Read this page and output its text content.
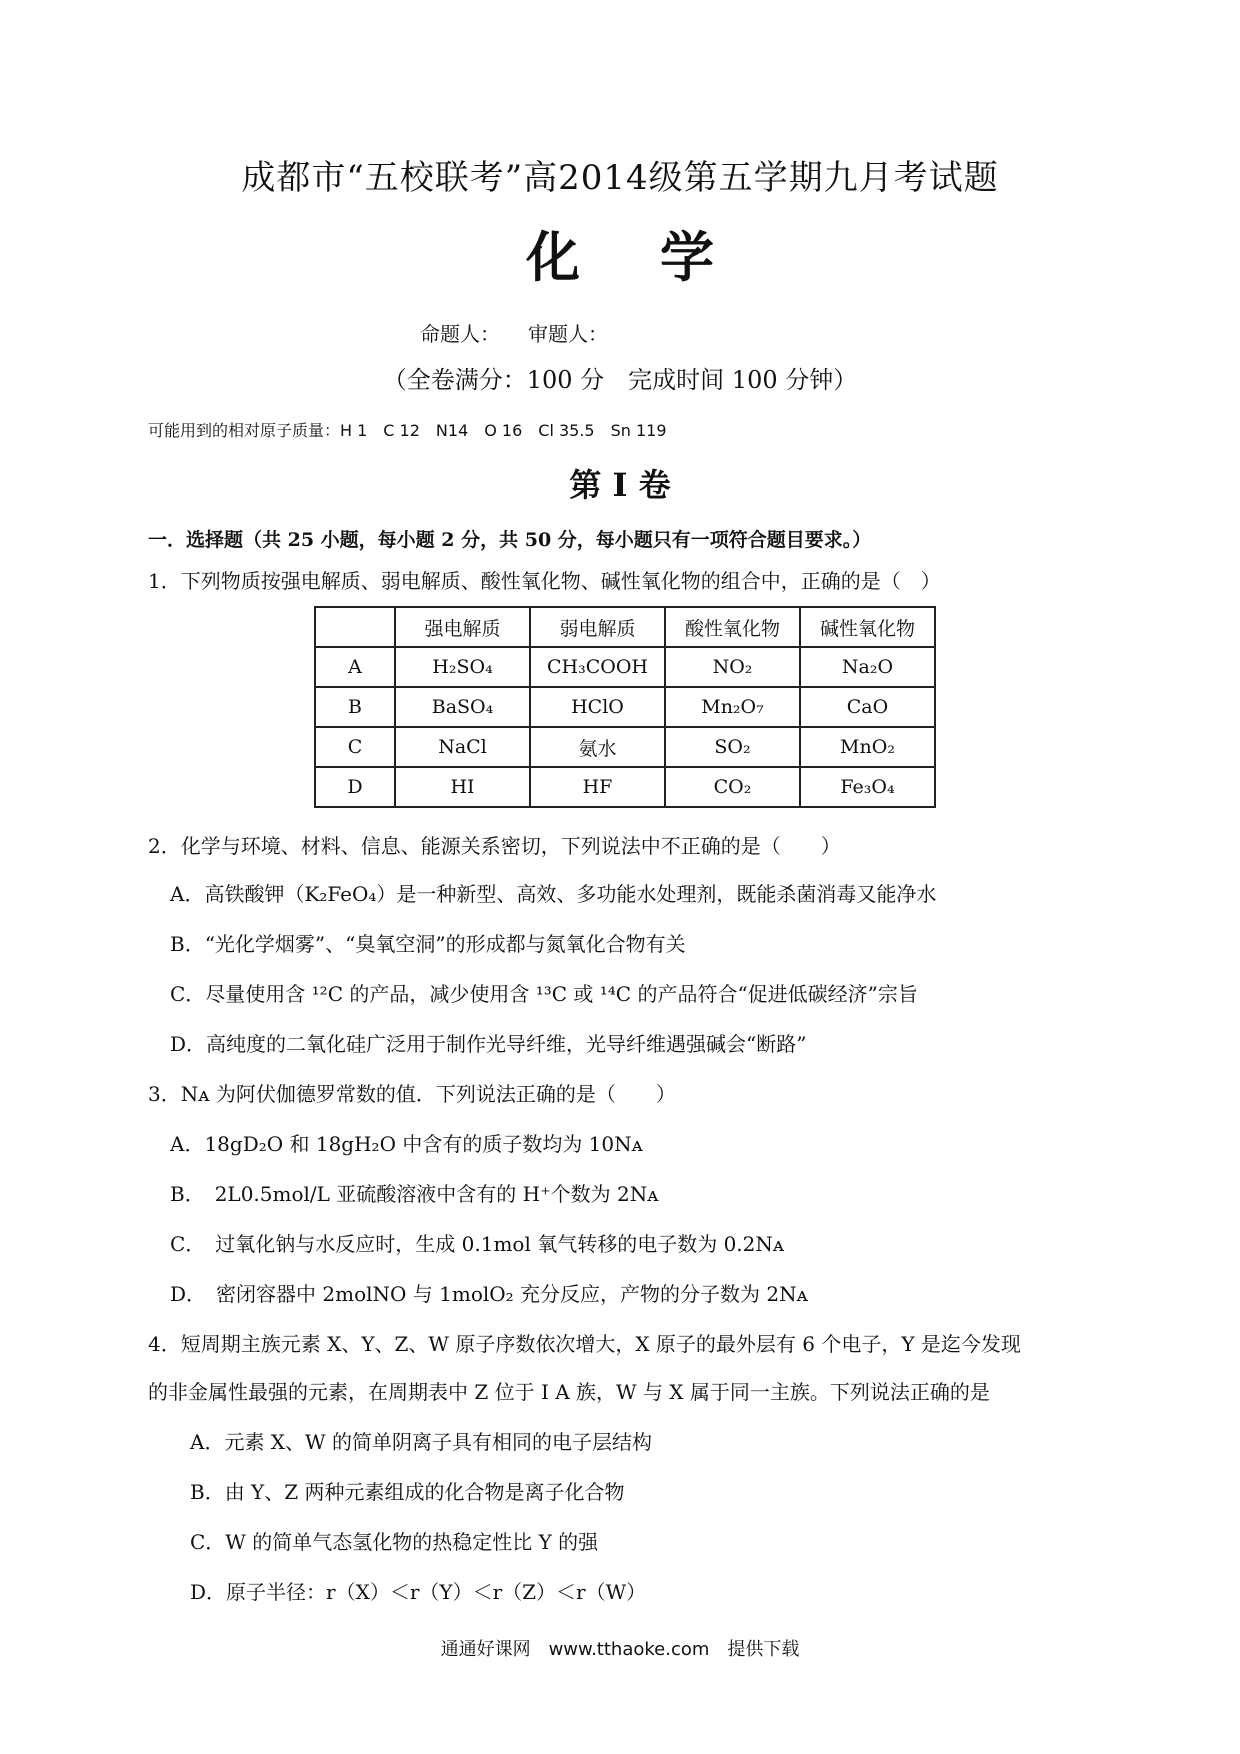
成都市“五校联考”高2014级第五学期九月考试题
化 学
命题人： 审题人：
（全卷满分：100 分　完成时间 100 分钟）
可能用到的相对原子质量：H 1　C 12　N14　O 16　Cl 35.5　Sn 119
第 I 卷
一．选择题（共 25 小题，每小题 2 分，共 50 分，每小题只有一项符合题目要求。）
1．下列物质按强电解质、弱电解质、酸性氧化物、碱性氧化物的组合中，正确的是（　）
	强电解质	弱电解质	酸性氧化物	碱性氧化物
A	H₂SO₄	CH₃COOH	NO₂	Na₂O
B	BaSO₄	HClO	Mn₂O₇	CaO
C	NaCl	氨水	SO₂	MnO₂
D	HI	HF	CO₂	Fe₃O₄
2．化学与环境、材料、信息、能源关系密切，下列说法中不正确的是（　　）
A．高铁酸钾（K₂FeO₄）是一种新型、高效、多功能水处理剂，既能杀菌消毒又能净水
B．“光化学烟雾”、“臭氧空洞”的形成都与氮氧化合物有关
C．尽量使用含 ¹²C 的产品，减少使用含 ¹³C 或 ¹⁴C 的产品符合“促进低碳经济”宗旨
D．高纯度的二氧化硅广泛用于制作光导纤维，光导纤维遇强碱会“断路”
3．Nᴀ 为阿伏伽德罗常数的值．下列说法正确的是（　　）
A．18gD₂O 和 18gH₂O 中含有的质子数均为 10Nᴀ
B．　2L0.5mol/L 亚硫酸溶液中含有的 H⁺个数为 2Nᴀ
C．　过氧化钠与水反应时，生成 0.1mol 氧气转移的电子数为 0.2Nᴀ
D．　密闭容器中 2molNO 与 1molO₂ 充分反应，产物的分子数为 2Nᴀ
4．短周期主族元素 X、Y、Z、W 原子序数依次增大，X 原子的最外层有 6 个电子，Y 是迄今发现
的非金属性最强的元素，在周期表中 Z 位于 I A 族，W 与 X 属于同一主族。下列说法正确的是
A．元素 X、W 的简单阴离子具有相同的电子层结构
B．由 Y、Z 两种元素组成的化合物是离子化合物
C．W 的简单气态氢化物的热稳定性比 Y 的强
D．原子半径：r（X）＜r（Y）＜r（Z）＜r（W）
通通好课网　www.tthaoke.com　提供下载
